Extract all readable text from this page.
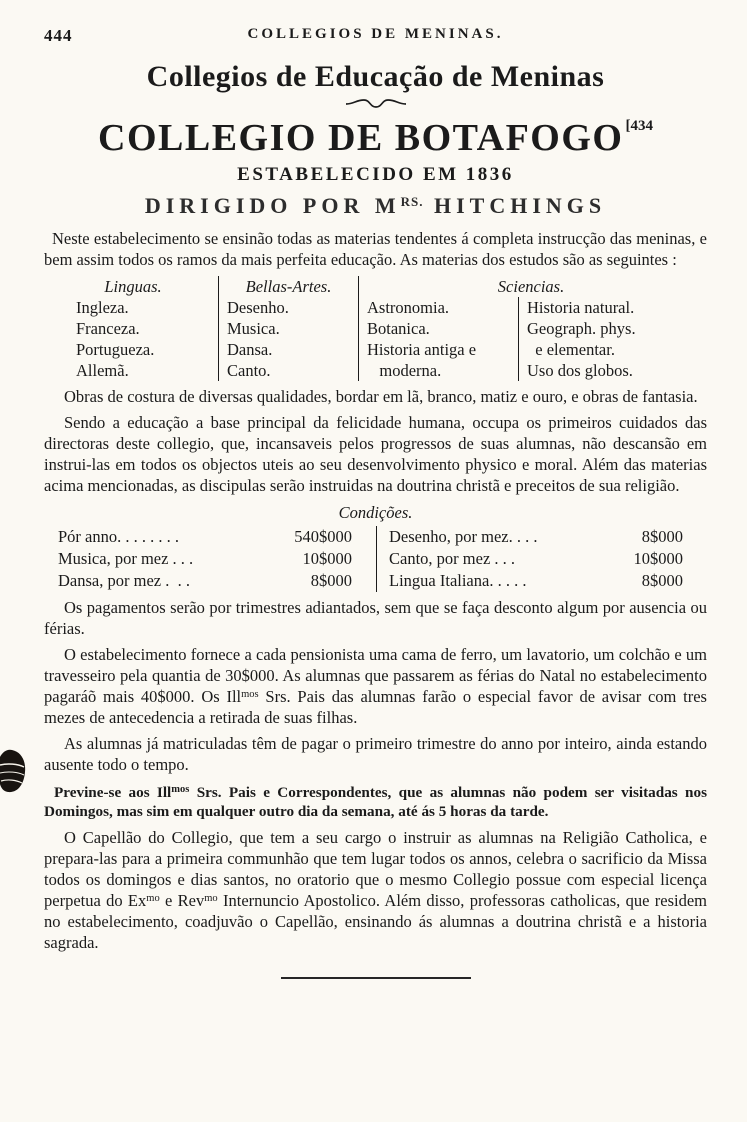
444	COLLEGIOS DE MENINAS.
Collegios de Educação de Meninas
COLLEGIO DE BOTAFOGO $^{[434}$
ESTABELECIDO EM 1836
DIRIGIDO POR $M^{RS.}$ HITCHINGS

Neste estabelecimento se ensinão todas as materias tendentes á completa instrucção das meninas, e bem assim todos os ramos da mais perfeita educação. As materias dos estudos são as seguintes :

Linguas.	Bellas-Artes.	Sciencias.
Ingleza.	Desenho.	Astronomia.	Historia natural.
Franceza.	Musica.	Botanica.	Geograph. phys.
Portugueza.	Dansa.	Historia antiga e	e elementar.
Allemã.	Canto.	moderna.	Uso dos globos.

Obras de costura de diversas qualidades, bordar em lã, branco, matiz e ouro, e obras de fantasia.

Sendo a educação a base principal da felicidade humana, occupa os primeiros cuidados das directoras deste collegio, que, incansaveis pelos progressos de suas alumnas, não descansão em instrui-las em todos os objectos uteis ao seu desenvolvimento physico e moral. Além das materias acima mencionadas, as discipulas serão instruidas na doutrina christã e preceitos de sua religião.

Condições.
Pór anno. . . . . . . .	540$000
Musica, por mez . . .	10$000
Dansa, por mez .  . .	8$000
Desenho, por mez. . . .	8$000
Canto, por mez . . .	10$000
Lingua Italiana. . . . .	8$000

Os pagamentos serão por trimestres adiantados, sem que se faça desconto algum por ausencia ou férias.

O estabelecimento fornece a cada pensionista uma cama de ferro, um lavatorio, um colchão e um travesseiro pela quantia de 30$000. As alumnas que passarem as férias do Natal no estabelecimento pagaráõ mais 40$000. Os Ill$^{mos}$ Srs. Pais das alumnas farão o especial favor de avisar com tres mezes de antecedencia a retirada de suas filhas.

As alumnas já matriculadas têm de pagar o primeiro trimestre do anno por inteiro, ainda estando ausente todo o tempo.

Previne-se aos Ill$^{mos}$ Srs. Pais e Correspondentes, que as alumnas não podem ser visitadas nos Domingos, mas sim em qualquer outro dia da semana, até ás 5 horas da tarde.

O Capellão do Collegio, que tem a seu cargo o instruir as alumnas na Religião Catholica, e prepara-las para a primeira communhão que tem lugar todos os annos, celebra o sacrificio da Missa todos os domingos e dias santos, no oratorio que o mesmo Collegio possue com especial licença perpetua do $Ex^{mo}$ e Rev$^{mo}$ Internuncio Apostolico. Além disso, professoras catholicas, que residem no estabelecimento, coadjuvão o Capellão, ensinando ás alumnas a doutrina christã e a historia sagrada.
